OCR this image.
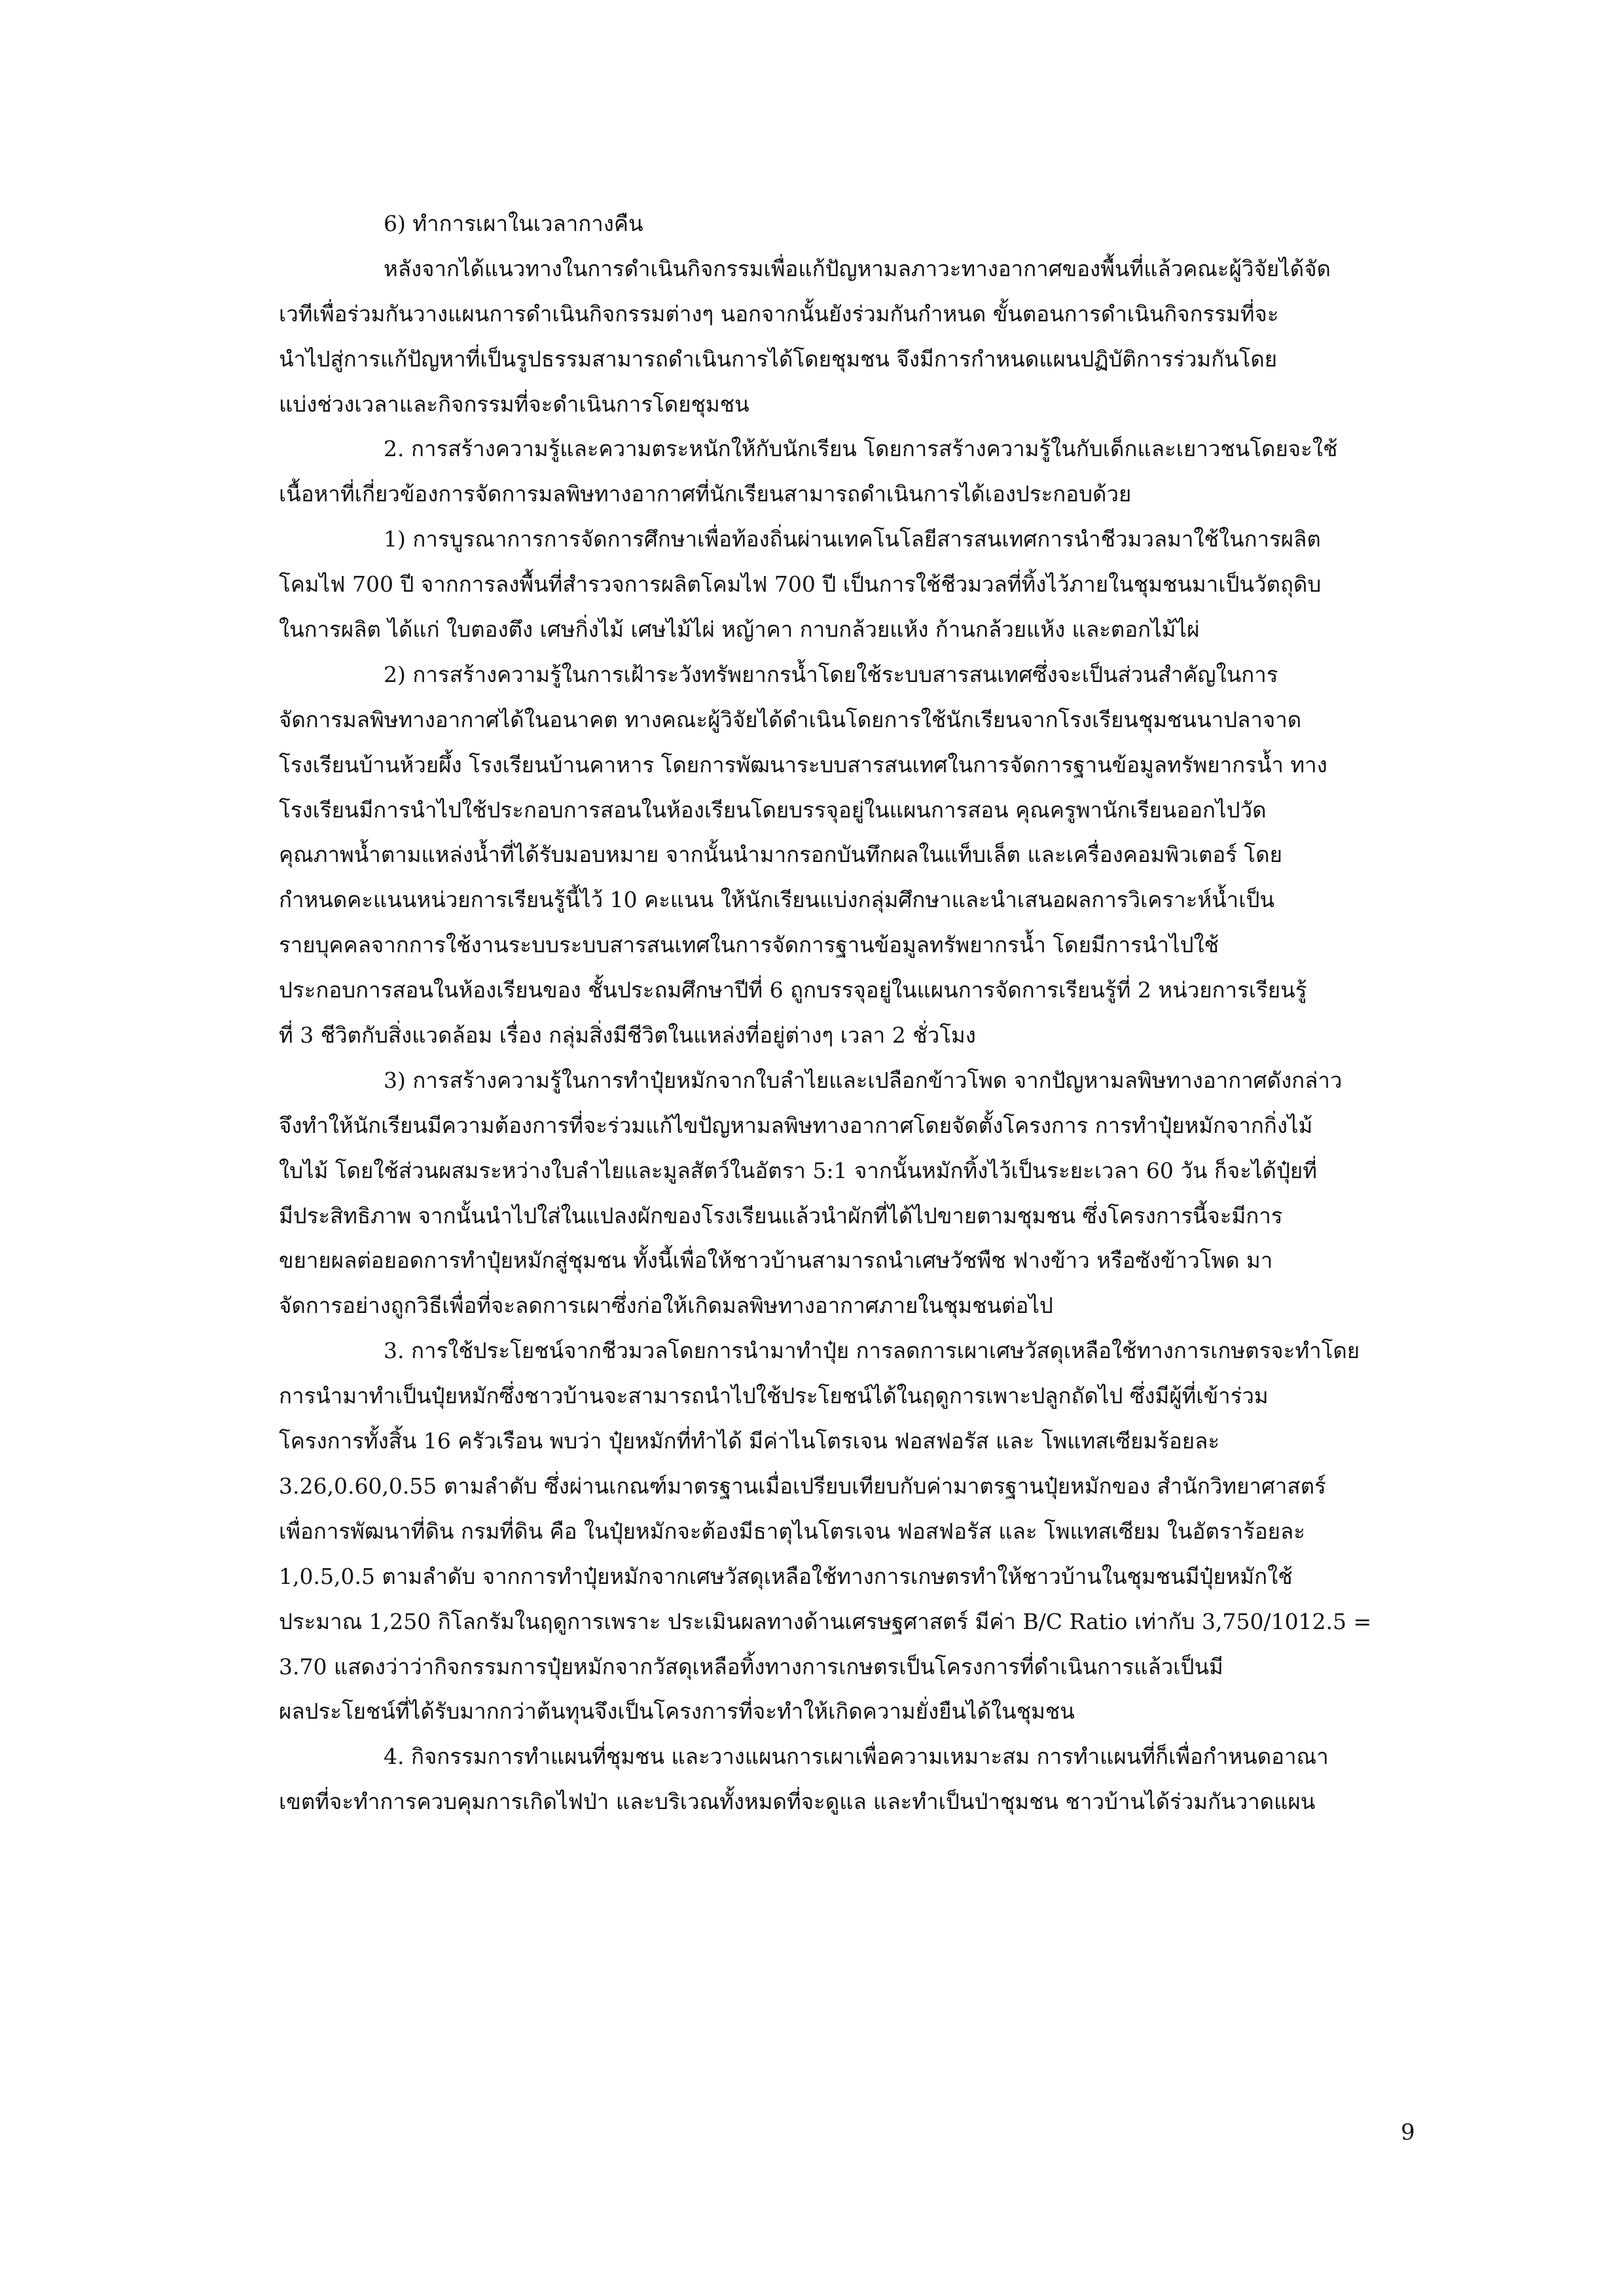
6) ทำการเผาในเวลากางคืน
หลังจากได้แนวทางในการดำเนินกิจกรรมเพื่อแก้ปัญหามลภาวะทางอากาศของพื้นที่แล้วคณะผู้วิจัยได้จัด
เวทีเพื่อร่วมกันวางแผนการดำเนินกิจกรรมต่างๆ นอกจากนั้นยังร่วมกันกำหนด ขั้นตอนการดำเนินกิจกรรมที่จะ
นำไปสู่การแก้ปัญหาที่เป็นรูปธรรมสามารถดำเนินการได้โดยชุมชน จึงมีการกำหนดแผนปฏิบัติการร่วมกันโดย
แบ่งช่วงเวลาและกิจกรรมที่จะดำเนินการโดยชุมชน
2. การสร้างความรู้และความตระหนักให้กับนักเรียน โดยการสร้างความรู้ในกับเด็กและเยาวชนโดยจะใช้
เนื้อหาที่เกี่ยวข้องการจัดการมลพิษทางอากาศที่นักเรียนสามารถดำเนินการได้เองประกอบด้วย
1) การบูรณาการการจัดการศึกษาเพื่อท้องถิ่นผ่านเทคโนโลยีสารสนเทศการนำชีวมวลมาใช้ในการผลิต
โคมไฟ 700 ปี จากการลงพื้นที่สำรวจการผลิตโคมไฟ 700 ปี เป็นการใช้ชีวมวลที่ทิ้งไว้ภายในชุมชนมาเป็นวัตถุดิบ
ในการผลิต ได้แก่ ใบตองตึง เศษกิ่งไม้ เศษไม้ไผ่ หญ้าคา กาบกล้วยแห้ง ก้านกล้วยแห้ง และตอกไม้ไผ่
2) การสร้างความรู้ในการเฝ้าระวังทรัพยากรน้ำโดยใช้ระบบสารสนเทศซึ่งจะเป็นส่วนสำคัญในการ
จัดการมลพิษทางอากาศได้ในอนาคต ทางคณะผู้วิจัยได้ดำเนินโดยการใช้นักเรียนจากโรงเรียนชุมชนนาปลาจาด
โรงเรียนบ้านห้วยผึ้ง โรงเรียนบ้านคาหาร โดยการพัฒนาระบบสารสนเทศในการจัดการฐานข้อมูลทรัพยากรน้ำ ทาง
โรงเรียนมีการนำไปใช้ประกอบการสอนในห้องเรียนโดยบรรจุอยู่ในแผนการสอน คุณครูพานักเรียนออกไปวัด
คุณภาพน้ำตามแหล่งน้ำที่ได้รับมอบหมาย จากนั้นนำมากรอกบันทึกผลในแท็บเล็ต และเครื่องคอมพิวเตอร์ โดย
กำหนดคะแนนหน่วยการเรียนรู้นี้ไว้ 10 คะแนน ให้นักเรียนแบ่งกลุ่มศึกษาและนำเสนอผลการวิเคราะห์น้ำเป็น
รายบุคคลจากการใช้งานระบบระบบสารสนเทศในการจัดการฐานข้อมูลทรัพยากรน้ำ โดยมีการนำไปใช้
ประกอบการสอนในห้องเรียนของ ชั้นประถมศึกษาปีที่ 6 ถูกบรรจุอยู่ในแผนการจัดการเรียนรู้ที่ 2 หน่วยการเรียนรู้
ที่ 3 ชีวิตกับสิ่งแวดล้อม เรื่อง กลุ่มสิ่งมีชีวิตในแหล่งที่อยู่ต่างๆ เวลา 2 ชั่วโมง
3) การสร้างความรู้ในการทำปุ๋ยหมักจากใบลำไยและเปลือกข้าวโพด จากปัญหามลพิษทางอากาศดังกล่าว
จึงทำให้นักเรียนมีความต้องการที่จะร่วมแก้ไขปัญหามลพิษทางอากาศโดยจัดตั้งโครงการ การทำปุ๋ยหมักจากกิ่งไม้
ใบไม้ โดยใช้ส่วนผสมระหว่างใบลำไยและมูลสัตว์ในอัตรา 5:1 จากนั้นหมักทิ้งไว้เป็นระยะเวลา 60 วัน ก็จะได้ปุ๋ยที่
มีประสิทธิภาพ จากนั้นนำไปใส่ในแปลงผักของโรงเรียนแล้วนำผักที่ได้ไปขายตามชุมชน ซึ่งโครงการนี้จะมีการ
ขยายผลต่อยอดการทำปุ๋ยหมักสู่ชุมชน ทั้งนี้เพื่อให้ชาวบ้านสามารถนำเศษวัชพืช ฟางข้าว หรือซังข้าวโพด มา
จัดการอย่างถูกวิธีเพื่อที่จะลดการเผาซึ่งก่อให้เกิดมลพิษทางอากาศภายในชุมชนต่อไป
3. การใช้ประโยชน์จากชีวมวลโดยการนำมาทำปุ๋ย การลดการเผาเศษวัสดุเหลือใช้ทางการเกษตรจะทำโดย
การนำมาทำเป็นปุ๋ยหมักซึ่งชาวบ้านจะสามารถนำไปใช้ประโยชน์ได้ในฤดูการเพาะปลูกถัดไป ซึ่งมีผู้ที่เข้าร่วม
โครงการทั้งสิ้น 16 ครัวเรือน พบว่า ปุ๋ยหมักที่ทำได้ มีค่าไนโตรเจน ฟอสฟอรัส และ โพแทสเซียมร้อยละ
3.26,0.60,0.55 ตามลำดับ ซึ่งผ่านเกณฑ์มาตรฐานเมื่อเปรียบเทียบกับค่ามาตรฐานปุ๋ยหมักของ สำนักวิทยาศาสตร์
เพื่อการพัฒนาที่ดิน กรมที่ดิน คือ ในปุ๋ยหมักจะต้องมีธาตุไนโตรเจน ฟอสฟอรัส และ โพแทสเซียม ในอัตราร้อยละ
1,0.5,0.5 ตามลำดับ จากการทำปุ๋ยหมักจากเศษวัสดุเหลือใช้ทางการเกษตรทำให้ชาวบ้านในชุมชนมีปุ๋ยหมักใช้
ประมาณ 1,250 กิโลกรัมในฤดูการเพราะ ประเมินผลทางด้านเศรษฐศาสตร์ มีค่า B/C Ratio เท่ากับ 3,750/1012.5 =
3.70 แสดงว่าว่ากิจกรรมการปุ๋ยหมักจากวัสดุเหลือทิ้งทางการเกษตรเป็นโครงการที่ดำเนินการแล้วเป็นมี
ผลประโยชน์ที่ได้รับมากกว่าต้นทุนจึงเป็นโครงการที่จะทำให้เกิดความยั่งยืนได้ในชุมชน
4. กิจกรรมการทำแผนที่ชุมชน และวางแผนการเผาเพื่อความเหมาะสม การทำแผนที่ก็เพื่อกำหนดอาณา
เขตที่จะทำการควบคุมการเกิดไฟป่า และบริเวณทั้งหมดที่จะดูแล และทำเป็นป่าชุมชน ชาวบ้านได้ร่วมกันวาดแผน
9
